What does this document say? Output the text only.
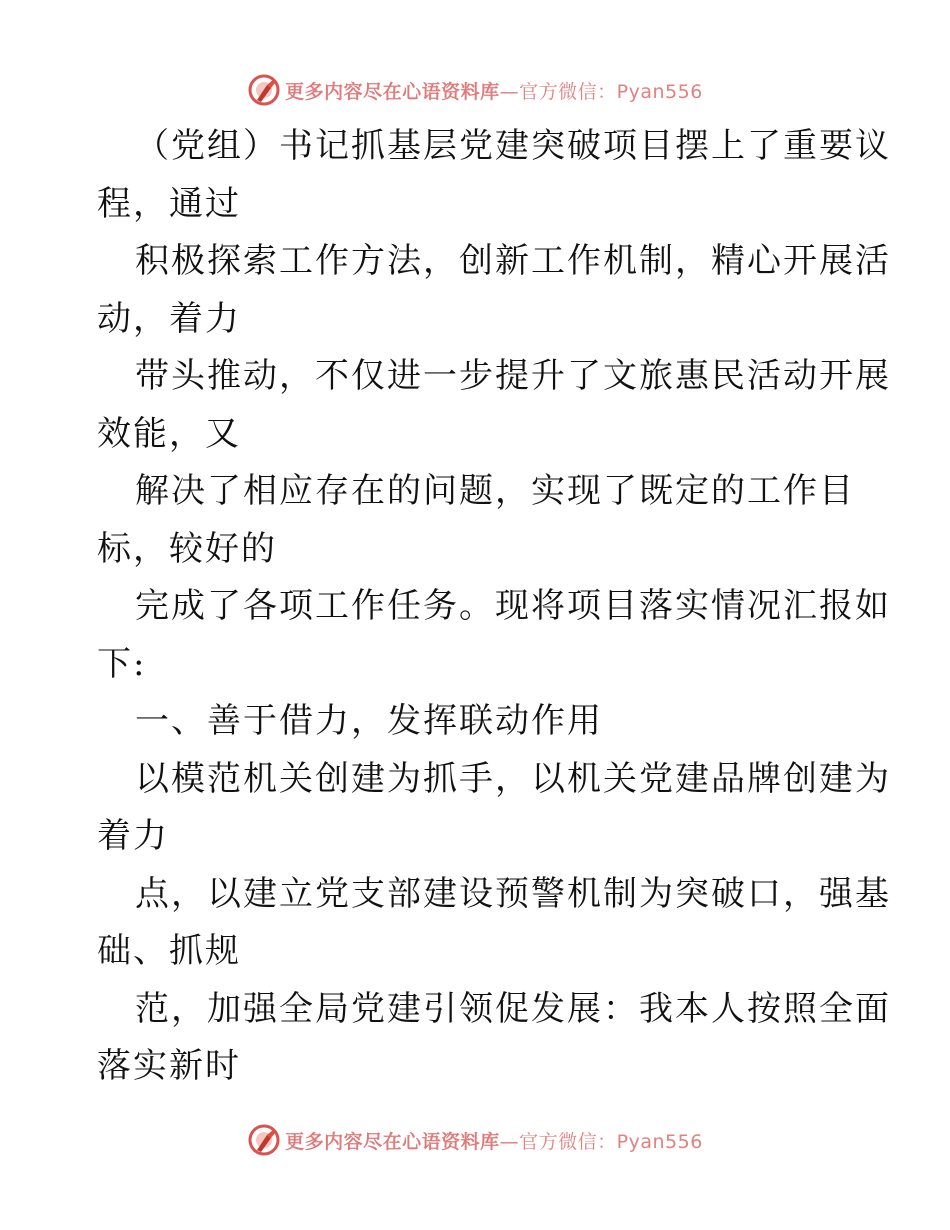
更多内容尽在心语资料库—官方微信：Pyan556
（党组）书记抓基层党建突破项目摆上了重要议
程，通过
积极探索工作方法，创新工作机制，精心开展活
动，着力
带头推动，不仅进一步提升了文旅惠民活动开展
效能，又
解决了相应存在的问题，实现了既定的工作目
标，较好的
完成了各项工作任务。现将项目落实情况汇报如
下:
一、善于借力，发挥联动作用
以模范机关创建为抓手，以机关党建品牌创建为
着力
点，以建立党支部建设预警机制为突破口，强基
础、抓规
范，加强全局党建引领促发展：我本人按照全面
落实新时
更多内容尽在心语资料库—官方微信：Pyan556
